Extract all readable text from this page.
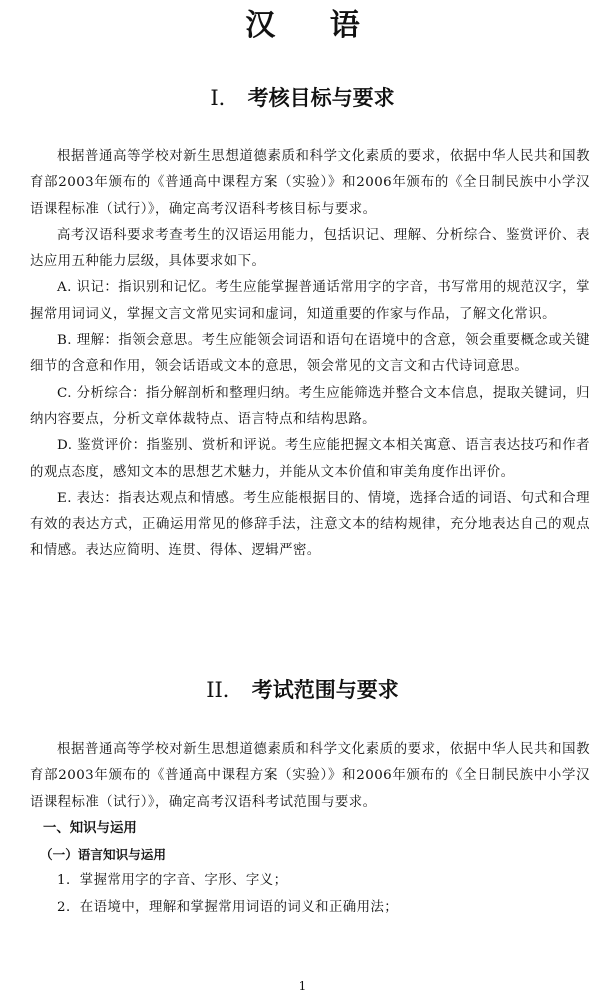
汉 语
I． 考核目标与要求

根据普通高等学校对新生思想道德素质和科学文化素质的要求，依据中华人民共和国教育部2003年颁布的《普通高中课程方案（实验）》和2006年颁布的《全日制民族中小学汉语课程标准（试行）》，确定高考汉语科考核目标与要求。

高考汉语科要求考查考生的汉语运用能力，包括识记、理解、分析综合、鉴赏评价、表达应用五种能力层级，具体要求如下。

A. 识记：指识别和记忆。考生应能掌握普通话常用字的字音，书写常用的规范汉字，掌握常用词词义，掌握文言文常见实词和虚词，知道重要的作家与作品，了解文化常识。

B. 理解：指领会意思。考生应能领会词语和语句在语境中的含意，领会重要概念或关键细节的含意和作用，领会话语或文本的意思，领会常见的文言文和古代诗词意思。

C. 分析综合：指分解剖析和整理归纳。考生应能筛选并整合文本信息，提取关键词，归纳内容要点，分析文章体裁特点、语言特点和结构思路。

D. 鉴赏评价：指鉴别、赏析和评说。考生应能把握文本相关寓意、语言表达技巧和作者的观点态度，感知文本的思想艺术魅力，并能从文本价值和审美角度作出评价。

E. 表达：指表达观点和情感。考生应能根据目的、情境，选择合适的词语、句式和合理有效的表达方式，正确运用常见的修辞手法，注意文本的结构规律，充分地表达自己的观点和情感。表达应简明、连贯、得体、逻辑严密。

II． 考试范围与要求

根据普通高等学校对新生思想道德素质和科学文化素质的要求，依据中华人民共和国教育部2003年颁布的《普通高中课程方案（实验）》和2006年颁布的《全日制民族中小学汉语课程标准（试行）》，确定高考汉语科考试范围与要求。

一、知识与运用

（一）语言知识与运用

1．掌握常用字的字音、字形、字义；

2．在语境中，理解和掌握常用词语的词义和正确用法；

1
